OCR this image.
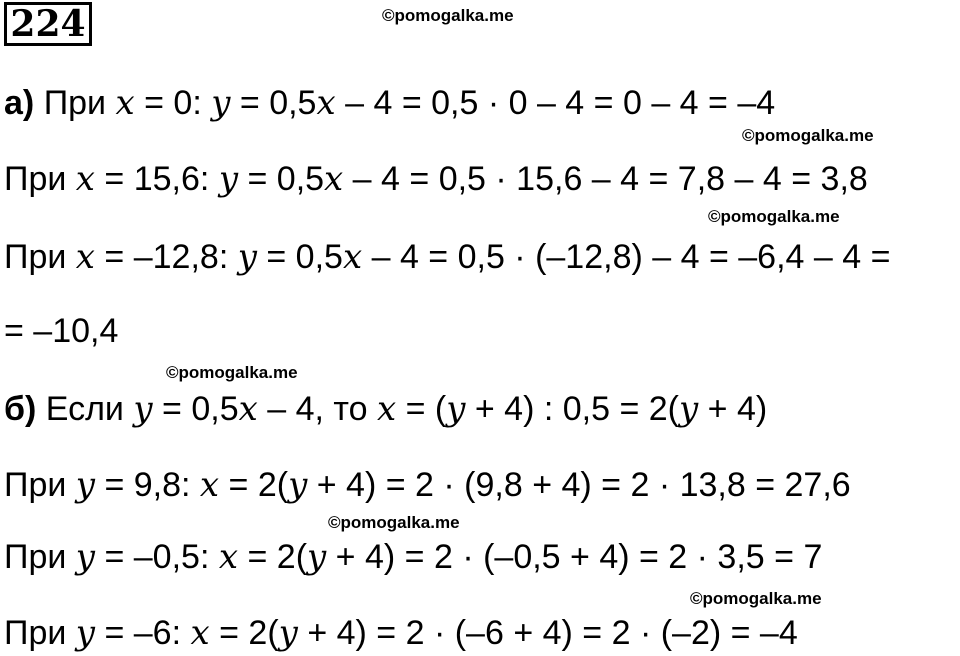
224	©pomogalka.me
©pomogalka.me
©pomogalka.me
©pomogalka.me
©pomogalka.me
©pomogalka.me
а) При x = 0: y = 0,5x – 4 = 0,5 · 0 – 4 = 0 – 4 = –4
При x = 15,6: y = 0,5x – 4 = 0,5 · 15,6 – 4 = 7,8 – 4 = 3,8
При x = –12,8: y = 0,5x – 4 = 0,5 · (–12,8) – 4 = –6,4 – 4 =
= –10,4
б) Если y = 0,5x – 4, то x = (y + 4) : 0,5 = 2(y + 4)
При y = 9,8: x = 2(y + 4) = 2 · (9,8 + 4) = 2 · 13,8 = 27,6
При y = –0,5: x = 2(y + 4) = 2 · (–0,5 + 4) = 2 · 3,5 = 7
При y = –6: x = 2(y + 4) = 2 · (–6 + 4) = 2 · (–2) = –4
